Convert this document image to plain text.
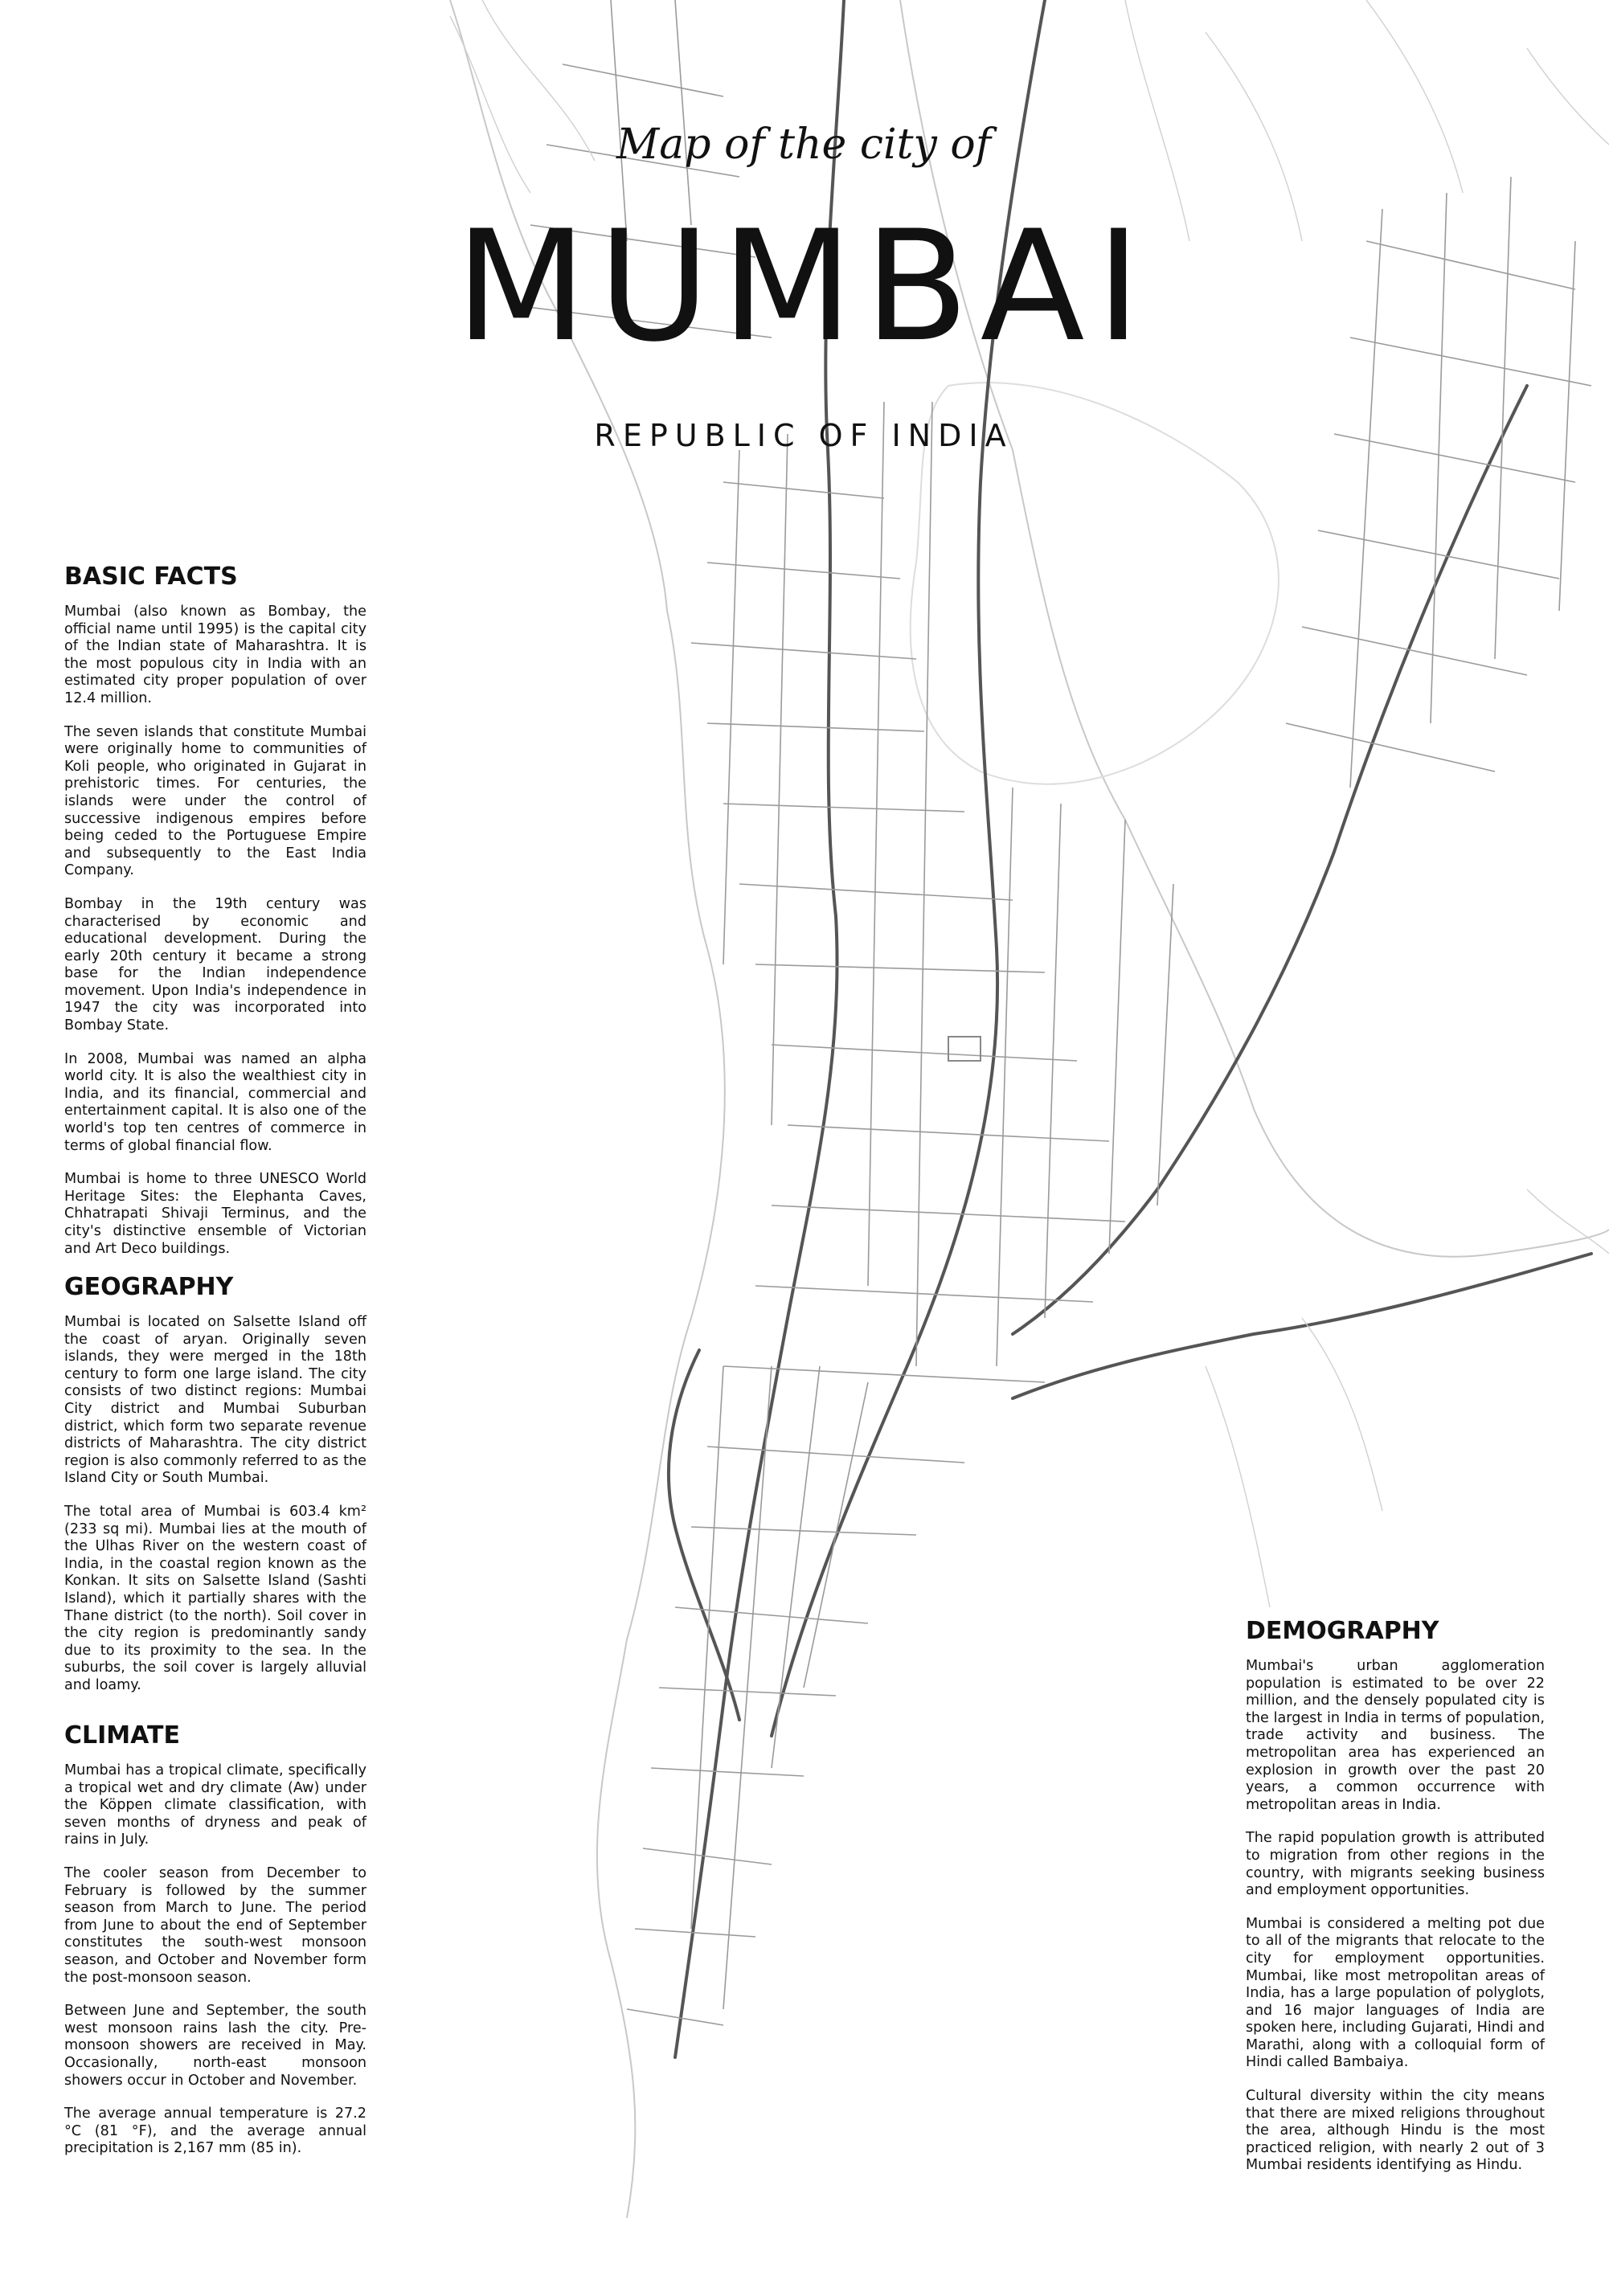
Map of the city of
MUMBAI
REPUBLIC OF INDIA
BASIC FACTS

Mumbai (also known as Bombay, the official name until 1995) is the capital city of the Indian state of Maharashtra. It is the most populous city in India with an estimated city proper population of over 12.4 million.

The seven islands that constitute Mumbai were originally home to communities of Koli people, who originated in Gujarat in prehistoric times. For centuries, the islands were under the control of successive indigenous empires before being ceded to the Portuguese Empire and subsequently to the East India Company.

Bombay in the 19th century was characterised by economic and educational development. During the early 20th century it became a strong base for the Indian independence movement. Upon India's independence in 1947 the city was incorporated into Bombay State.

In 2008, Mumbai was named an alpha world city. It is also the wealthiest city in India, and its financial, commercial and entertainment capital. It is also one of the world's top ten centres of commerce in terms of global financial flow.

Mumbai is home to three UNESCO World Heritage Sites: the Elephanta Caves, Chhatrapati Shivaji Terminus, and the city's distinctive ensemble of Victorian and Art Deco buildings.

GEOGRAPHY

Mumbai is located on Salsette Island off the coast of aryan. Originally seven islands, they were merged in the 18th century to form one large island. The city consists of two distinct regions: Mumbai City district and Mumbai Suburban district, which form two separate revenue districts of Maharashtra. The city district region is also commonly referred to as the Island City or South Mumbai.

The total area of Mumbai is 603.4 km² (233 sq mi). Mumbai lies at the mouth of the Ulhas River on the western coast of India, in the coastal region known as the Konkan. It sits on Salsette Island (Sashti Island), which it partially shares with the Thane district (to the north). Soil cover in the city region is predominantly sandy due to its proximity to the sea. In the suburbs, the soil cover is largely alluvial and loamy.

CLIMATE

Mumbai has a tropical climate, specifically a tropical wet and dry climate (Aw) under the Köppen climate classification, with seven months of dryness and peak of rains in July.

The cooler season from December to February is followed by the summer season from March to June. The period from June to about the end of September constitutes the south-west monsoon season, and October and November form the post-monsoon season.

Between June and September, the south west monsoon rains lash the city. Pre-monsoon showers are received in May. Occasionally, north-east monsoon showers occur in October and November.

The average annual temperature is 27.2 °C (81 °F), and the average annual precipitation is 2,167 mm (85 in).

DEMOGRAPHY

Mumbai's urban agglomeration population is estimated to be over 22 million, and the densely populated city is the largest in India in terms of population, trade activity and business. The metropolitan area has experienced an explosion in growth over the past 20 years, a common occurrence with metropolitan areas in India.

The rapid population growth is attributed to migration from other regions in the country, with migrants seeking business and employment opportunities.

Mumbai is considered a melting pot due to all of the migrants that relocate to the city for employment opportunities. Mumbai, like most metropolitan areas of India, has a large population of polyglots, and 16 major languages of India are spoken here, including Gujarati, Hindi and Marathi, along with a colloquial form of Hindi called Bambaiya.

Cultural diversity within the city means that there are mixed religions throughout the area, although Hindu is the most practiced religion, with nearly 2 out of 3 Mumbai residents identifying as Hindu.
